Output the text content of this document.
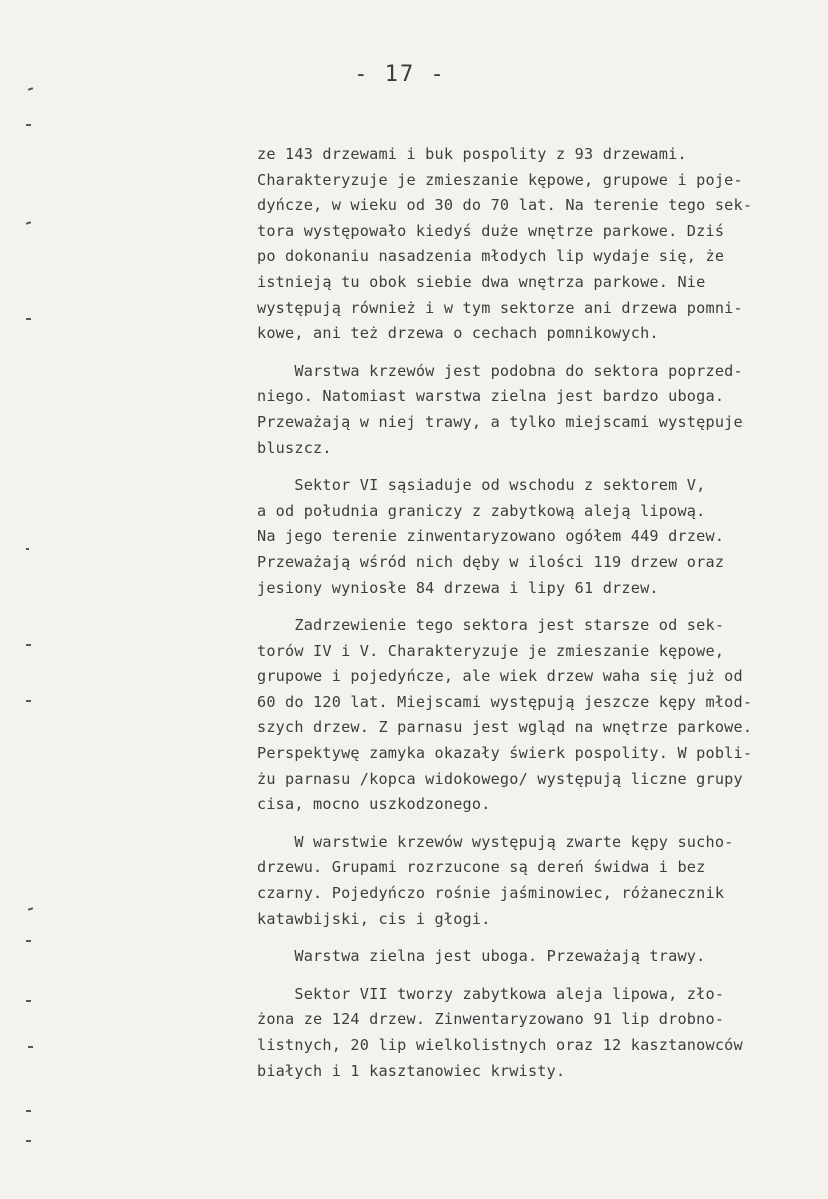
- 17 -
ze 143 drzewami i buk pospolity z 93 drzewami.
Charakteryzuje je zmieszanie kępowe, grupowe i poje-
dyńcze, w wieku od 30 do 70 lat. Na terenie tego sek-
tora występowało kiedyś duże wnętrze parkowe. Dziś
po dokonaniu nasadzenia młodych lip wydaje się, że
istnieją tu obok siebie dwa wnętrza parkowe. Nie
występują również i w tym sektorze ani drzewa pomni-
kowe, ani też drzewa o cechach pomnikowych.
Warstwa krzewów jest podobna do sektora poprzed-
niego. Natomiast warstwa zielna jest bardzo uboga.
Przeważają w niej trawy, a tylko miejscami występuje
bluszcz.
Sektor VI sąsiaduje od wschodu z sektorem V,
a od południa graniczy z zabytkową aleją lipową.
Na jego terenie zinwentaryzowano ogółem 449 drzew.
Przeważają wśród nich dęby w ilości 119 drzew oraz
jesiony wyniosłe 84 drzewa i lipy 61 drzew.
Zadrzewienie tego sektora jest starsze od sek-
torów IV i V. Charakteryzuje je zmieszanie kępowe,
grupowe i pojedyńcze, ale wiek drzew waha się już od
60 do 120 lat. Miejscami występują jeszcze kępy młod-
szych drzew. Z parnasu jest wgląd na wnętrze parkowe.
Perspektywę zamyka okazały świerk pospolity. W pobli-
żu parnasu /kopca widokowego/ występują liczne grupy
cisa, mocno uszkodzonego.
W warstwie krzewów występują zwarte kępy sucho-
drzewu. Grupami rozrzucone są dereń świdwa i bez
czarny. Pojedyńczo rośnie jaśminowiec, różanecznik
katawbijski, cis i głogi.
Warstwa zielna jest uboga. Przeważają trawy.
Sektor VII tworzy zabytkowa aleja lipowa, zło-
żona ze 124 drzew. Zinwentaryzowano 91 lip drobno-
listnych, 20 lip wielkolistnych oraz 12 kasztanowców
białych i 1 kasztanowiec krwisty.
